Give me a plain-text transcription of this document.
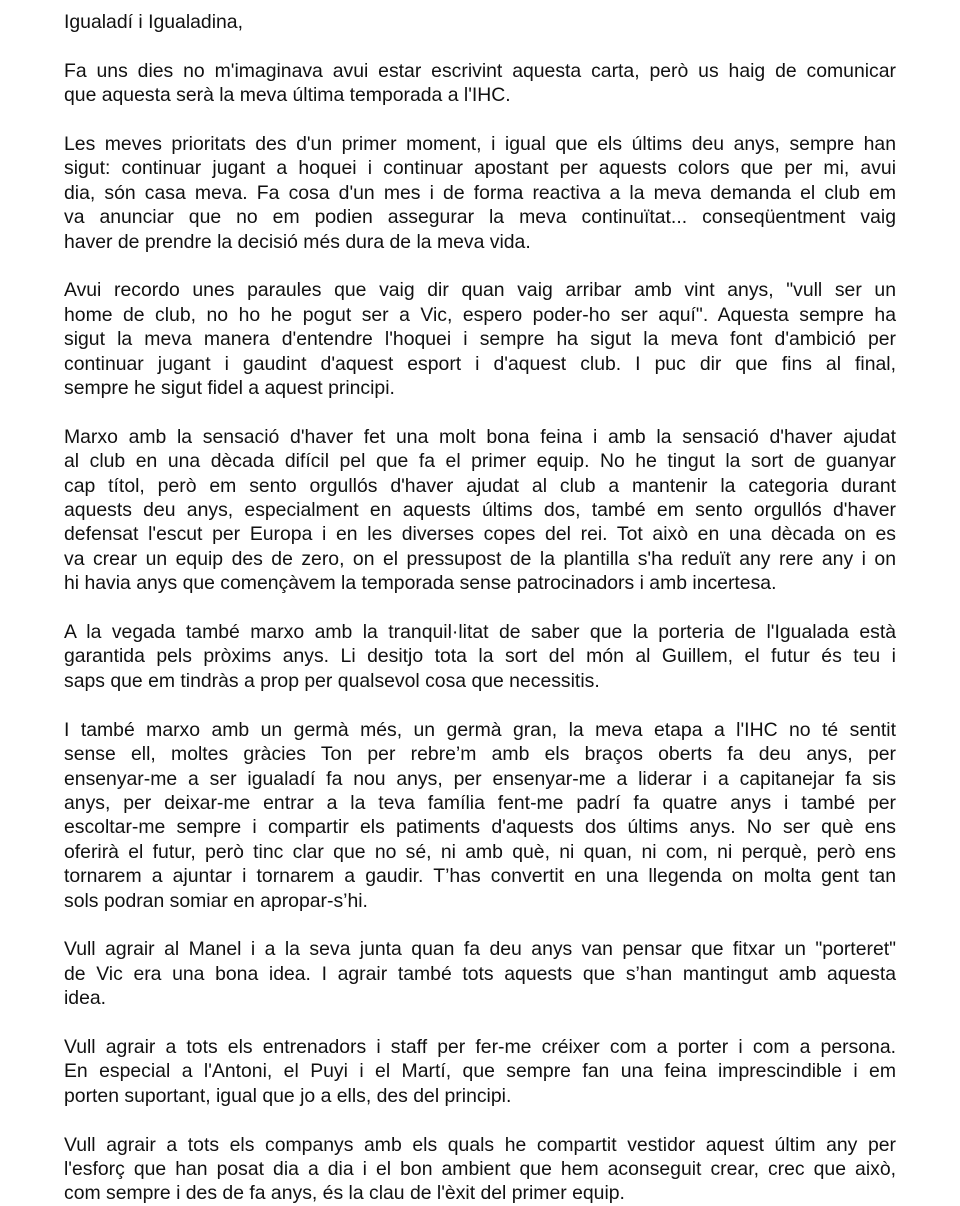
Igualadí i Igualadina,

Fa uns dies no m'imaginava avui estar escrivint aquesta carta, però us haig de comunicar
que aquesta serà la meva última temporada a l'IHC.

Les meves prioritats des d'un primer moment, i igual que els últims deu anys, sempre han
sigut: continuar jugant a hoquei i continuar apostant per aquests colors que per mi, avui
dia, són casa meva. Fa cosa d'un mes i de forma reactiva a la meva demanda el club em
va anunciar que no em podien assegurar la meva continuïtat... conseqüentment vaig
haver de prendre la decisió més dura de la meva vida.

Avui recordo unes paraules que vaig dir quan vaig arribar amb vint anys, "vull ser un
home de club, no ho he pogut ser a Vic, espero poder-ho ser aquí". Aquesta sempre ha
sigut la meva manera d'entendre l'hoquei i sempre ha sigut la meva font d'ambició per
continuar jugant i gaudint d'aquest esport i d'aquest club. I puc dir que fins al final,
sempre he sigut fidel a aquest principi.

Marxo amb la sensació d'haver fet una molt bona feina i amb la sensació d'haver ajudat
al club en una dècada difícil pel que fa el primer equip. No he tingut la sort de guanyar
cap títol, però em sento orgullós d'haver ajudat al club a mantenir la categoria durant
aquests deu anys, especialment en aquests últims dos, també em sento orgullós d'haver
defensat l'escut per Europa i en les diverses copes del rei. Tot això en una dècada on es
va crear un equip des de zero, on el pressupost de la plantilla s'ha reduït any rere any i on
hi havia anys que començàvem la temporada sense patrocinadors i amb incertesa.

A la vegada també marxo amb la tranquil·litat de saber que la porteria de l'Igualada està
garantida pels pròxims anys. Li desitjo tota la sort del món al Guillem, el futur és teu i
saps que em tindràs a prop per qualsevol cosa que necessitis.

I també marxo amb un germà més, un germà gran, la meva etapa a l'IHC no té sentit
sense ell, moltes gràcies Ton per rebre’m amb els braços oberts fa deu anys, per
ensenyar-me a ser igualadí fa nou anys, per ensenyar-me a liderar i a capitanejar fa sis
anys, per deixar-me entrar a la teva família fent-me padrí fa quatre anys i també per
escoltar-me sempre i compartir els patiments d'aquests dos últims anys. No ser què ens
oferirà el futur, però tinc clar que no sé, ni amb què, ni quan, ni com, ni perquè, però ens
tornarem a ajuntar i tornarem a gaudir. T’has convertit en una llegenda on molta gent tan
sols podran somiar en apropar-s’hi.

Vull agrair al Manel i a la seva junta quan fa deu anys van pensar que fitxar un "porteret"
de Vic era una bona idea. I agrair també tots aquests que s’han mantingut amb aquesta
idea.

Vull agrair a tots els entrenadors i staff per fer-me créixer com a porter i com a persona.
En especial a l'Antoni, el Puyi i el Martí, que sempre fan una feina imprescindible i em
porten suportant, igual que jo a ells, des del principi.

Vull agrair a tots els companys amb els quals he compartit vestidor aquest últim any per
l'esforç que han posat dia a dia i el bon ambient que hem aconseguit crear, crec que això,
com sempre i des de fa anys, és la clau de l'èxit del primer equip.
